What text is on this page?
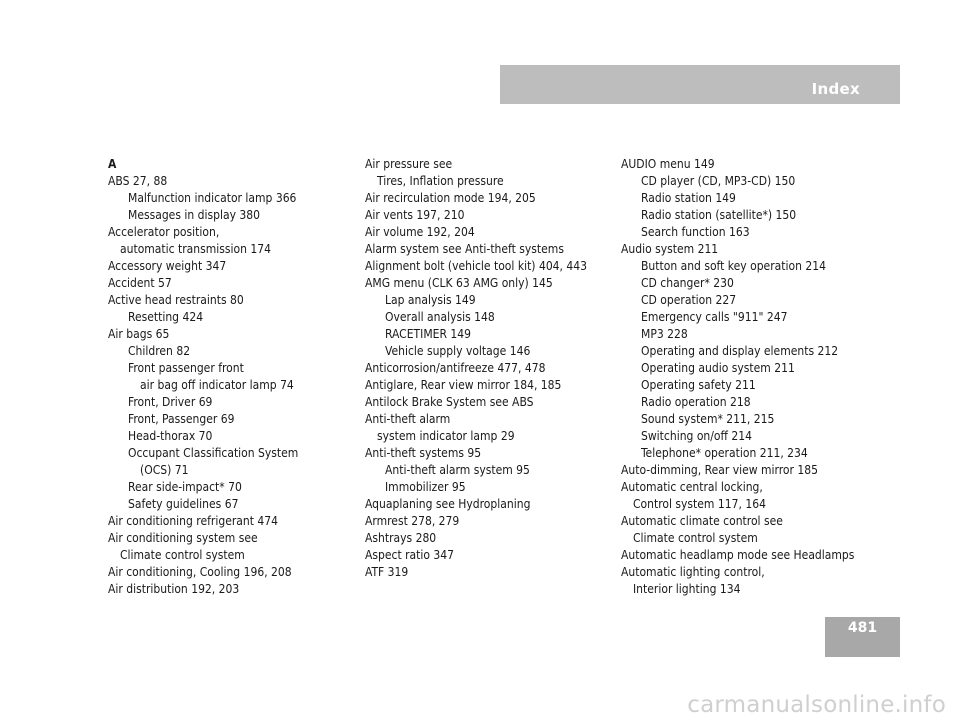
Index
A
ABS 27, 88
Malfunction indicator lamp 366
Messages in display 380
Accelerator position,
automatic transmission 174
Accessory weight 347
Accident 57
Active head restraints 80
Resetting 424
Air bags 65
Children 82
Front passenger front
air bag off indicator lamp 74
Front, Driver 69
Front, Passenger 69
Head-thorax 70
Occupant Classification System
(OCS) 71
Rear side-impact* 70
Safety guidelines 67
Air conditioning refrigerant 474
Air conditioning system see
Climate control system
Air conditioning, Cooling 196, 208
Air distribution 192, 203
Air pressure see
Tires, Inflation pressure
Air recirculation mode 194, 205
Air vents 197, 210
Air volume 192, 204
Alarm system see Anti-theft systems
Alignment bolt (vehicle tool kit) 404, 443
AMG menu (CLK 63 AMG only) 145
Lap analysis 149
Overall analysis 148
RACETIMER 149
Vehicle supply voltage 146
Anticorrosion/antifreeze 477, 478
Antiglare, Rear view mirror 184, 185
Antilock Brake System see ABS
Anti-theft alarm
system indicator lamp 29
Anti-theft systems 95
Anti-theft alarm system 95
Immobilizer 95
Aquaplaning see Hydroplaning
Armrest 278, 279
Ashtrays 280
Aspect ratio 347
ATF 319
AUDIO menu 149
CD player (CD, MP3-CD) 150
Radio station 149
Radio station (satellite*) 150
Search function 163
Audio system 211
Button and soft key operation 214
CD changer* 230
CD operation 227
Emergency calls "911" 247
MP3 228
Operating and display elements 212
Operating audio system 211
Operating safety 211
Radio operation 218
Sound system* 211, 215
Switching on/off 214
Telephone* operation 211, 234
Auto-dimming, Rear view mirror 185
Automatic central locking,
Control system 117, 164
Automatic climate control see
Climate control system
Automatic headlamp mode see Headlamps
Automatic lighting control,
Interior lighting 134
481
carmanualsonline.info
